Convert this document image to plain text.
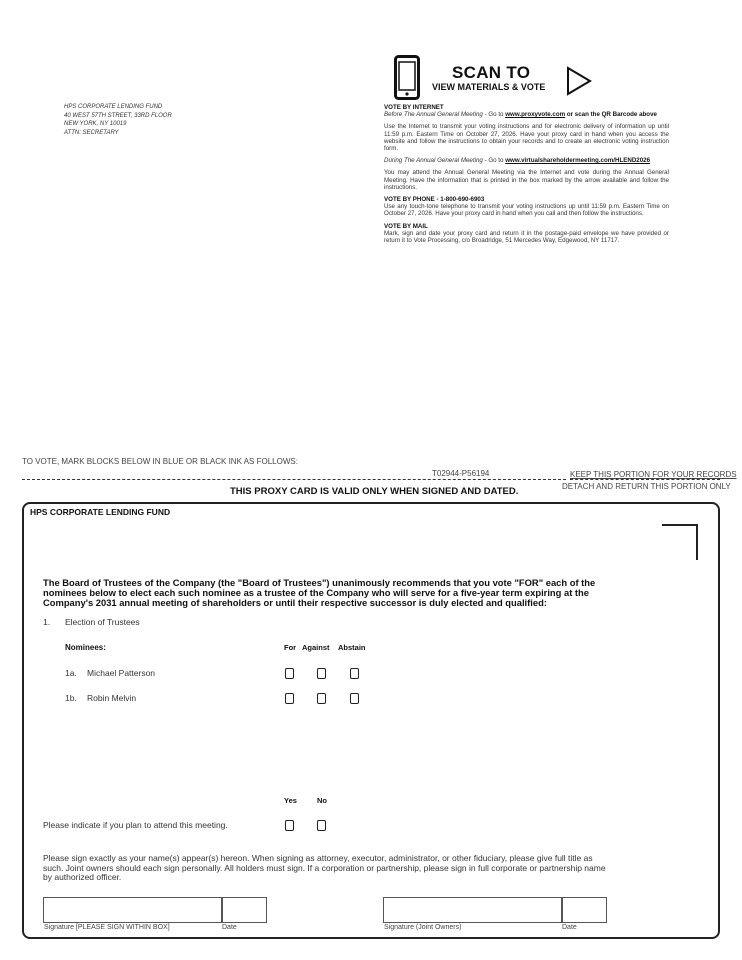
HPS CORPORATE LENDING FUND
40 WEST 57TH STREET, 33RD FLOOR
NEW YORK, NY 10019
ATTN: SECRETARY
SCAN TO
VIEW MATERIALS & VOTE
VOTE BY INTERNET

Before The Annual General Meeting - Go to www.proxyvote.com or scan the QR Barcode above

Use the Internet to transmit your voting instructions and for electronic delivery of information up until 11:59 p.m. Eastern Time on October 27, 2026. Have your proxy card in hand when you access the website and follow the instructions to obtain your records and to create an electronic voting instruction form.

During The Annual General Meeting - Go to www.virtualshareholdermeeting.com/HLEND2026

You may attend the Annual General Meeting via the Internet and vote during the Annual General Meeting. Have the information that is printed in the box marked by the arrow available and follow the instructions.

VOTE BY PHONE - 1-800-690-6903

Use any touch-tone telephone to transmit your voting instructions up until 11:59 p.m. Eastern Time on October 27, 2026. Have your proxy card in hand when you call and then follow the instructions.

VOTE BY MAIL

Mark, sign and date your proxy card and return it in the postage-paid envelope we have provided or return it to Vote Processing, c/o Broadridge, 51 Mercedes Way, Edgewood, NY 11717.

TO VOTE, MARK BLOCKS BELOW IN BLUE OR BLACK INK AS FOLLOWS:
T02944-P56194	KEEP THIS PORTION FOR YOUR RECORDS
THIS PROXY CARD IS VALID ONLY WHEN SIGNED AND DATED.	DETACH AND RETURN THIS PORTION ONLY
HPS CORPORATE LENDING FUND
The Board of Trustees of the Company (the "Board of Trustees") unanimously recommends that you vote "FOR" each of the nominees below to elect each such nominee as a trustee of the Company who will serve for a five-year term expiring at the Company's 2031 annual meeting of shareholders or until their respective successor is duly elected and qualified:
1. Election of Trustees
Nominees:	For Against Abstain
1a. Michael Patterson
1b. Robin Melvin
Yes	No
Please indicate if you plan to attend this meeting.
Please sign exactly as your name(s) appear(s) hereon. When signing as attorney, executor, administrator, or other fiduciary, please give full title as such. Joint owners should each sign personally. All holders must sign. If a corporation or partnership, please sign in full corporate or partnership name by authorized officer.
Signature [PLEASE SIGN WITHIN BOX]	Date	Signature (Joint Owners)	Date
